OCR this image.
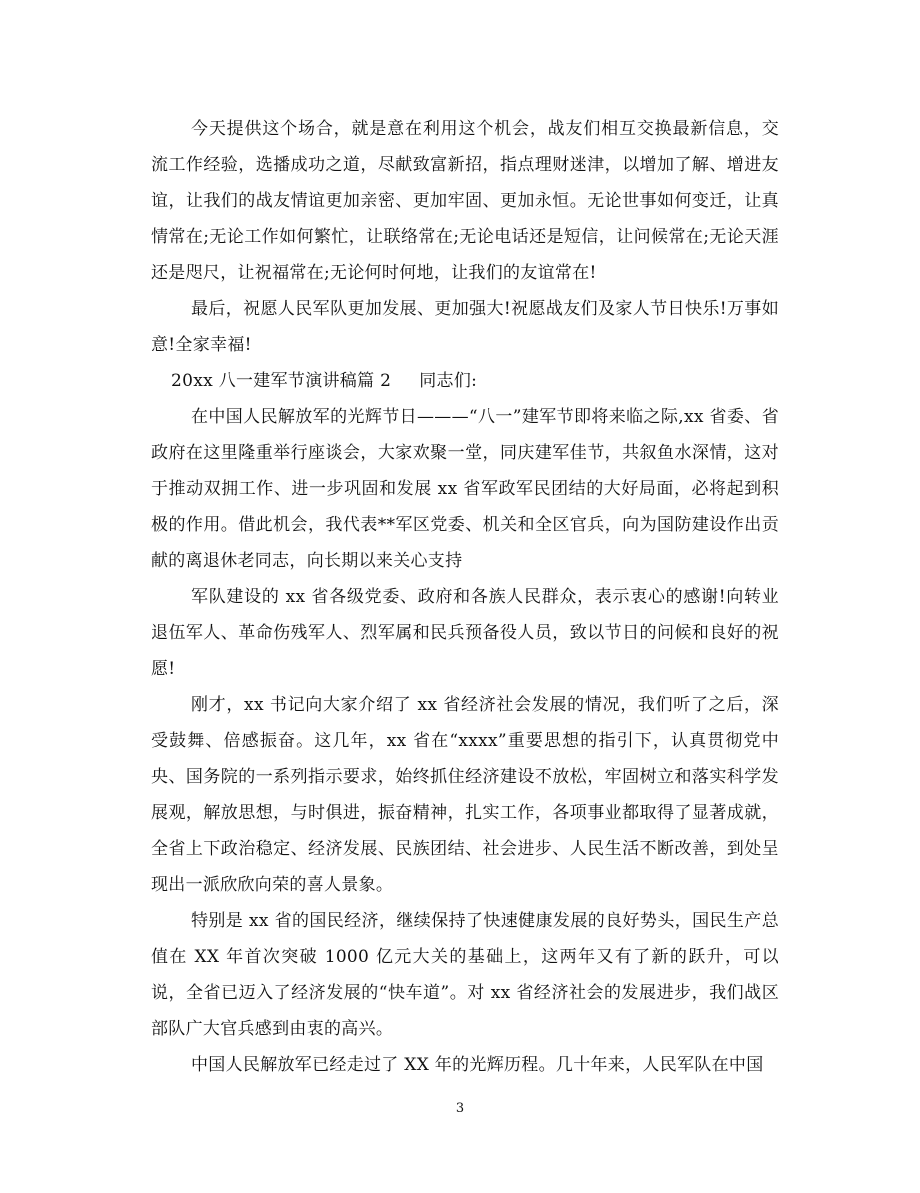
今天提供这个场合，就是意在利用这个机会，战友们相互交换最新信息，交流工作经验，选播成功之道，尽献致富新招，指点理财迷津，以增加了解、增进友谊，让我们的战友情谊更加亲密、更加牢固、更加永恒。无论世事如何变迁，让真情常在;无论工作如何繁忙，让联络常在;无论电话还是短信，让问候常在;无论天涯还是咫尺，让祝福常在;无论何时何地，让我们的友谊常在!

最后，祝愿人民军队更加发展、更加强大!祝愿战友们及家人节日快乐!万事如意!全家幸福!

20xx 八一建军节演讲稿篇 2 同志们:

在中国人民解放军的光辉节日———“八一”建军节即将来临之际,xx 省委、省政府在这里隆重举行座谈会，大家欢聚一堂，同庆建军佳节，共叙鱼水深情，这对于推动双拥工作、进一步巩固和发展 xx 省军政军民团结的大好局面，必将起到积极的作用。借此机会，我代表**军区党委、机关和全区官兵，向为国防建设作出贡献的离退休老同志，向长期以来关心支持

军队建设的 xx 省各级党委、政府和各族人民群众，表示衷心的感谢!向转业退伍军人、革命伤残军人、烈军属和民兵预备役人员，致以节日的问候和良好的祝愿!

刚才，xx 书记向大家介绍了 xx 省经济社会发展的情况，我们听了之后，深受鼓舞、倍感振奋。这几年，xx 省在“xxxx”重要思想的指引下，认真贯彻党中央、国务院的一系列指示要求，始终抓住经济建设不放松，牢固树立和落实科学发展观，解放思想，与时俱进，振奋精神，扎实工作，各项事业都取得了显著成就，全省上下政治稳定、经济发展、民族团结、社会进步、人民生活不断改善，到处呈现出一派欣欣向荣的喜人景象。

特别是 xx 省的国民经济，继续保持了快速健康发展的良好势头，国民生产总值在 XX 年首次突破 1000 亿元大关的基础上，这两年又有了新的跃升，可以说，全省已迈入了经济发展的“快车道”。对 xx 省经济社会的发展进步，我们战区部队广大官兵感到由衷的高兴。

中国人民解放军已经走过了 XX 年的光辉历程。几十年来，人民军队在中国

3
